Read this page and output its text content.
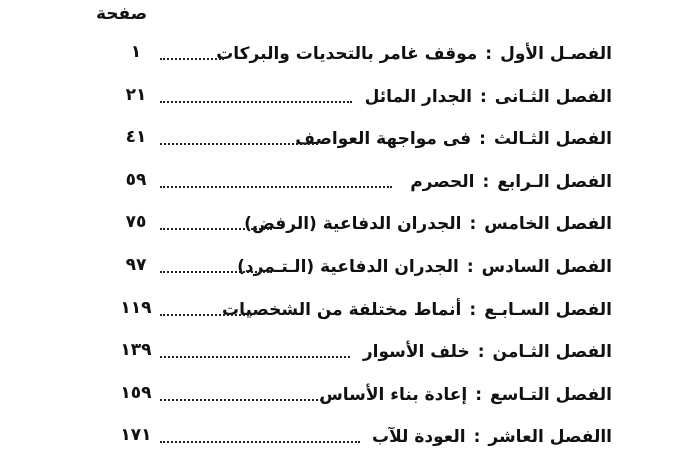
صفحة
الفصـل الأول:موقف غامر بالتحديات والبركات
١
الفصل الثـانى:الجدار المائل
٢١
الفصل الثـالث:فى مواجهة العواصف
٤١
الفصل الـرابع:الحصرم
٥٩
الفصل الخامس:الجدران الدفاعية (الرفض)
٧٥
الفصل السادس:الجدران الدفاعية (الـتـمرد)
٩٧
الفصل السـابـع:أنماط مختلفة من الشخصيات
١١٩
الفصل الثـامن:خلف الأسوار
١٣٩
الفصل التـاسع:إعادة بناء الأساس
١٥٩
االفصل العاشر:العودة للآب
١٧١
